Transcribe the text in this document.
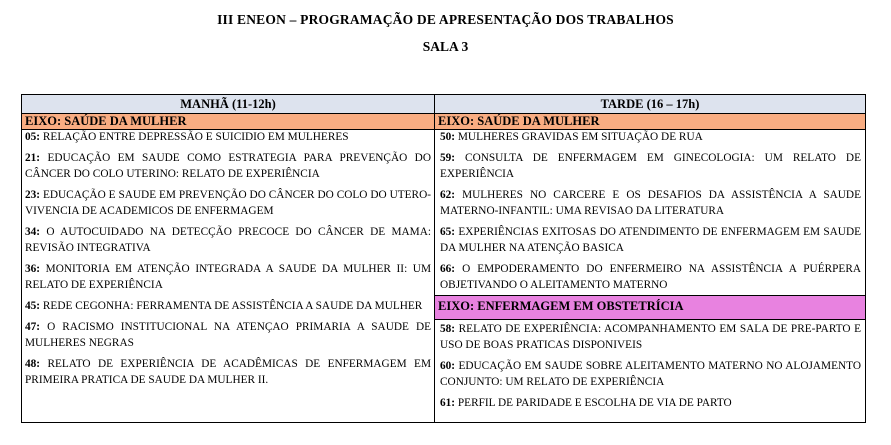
III ENEON – PROGRAMAÇÃO DE APRESENTAÇÃO DOS TRABALHOS
SALA 3
MANHÃ (11-12h)	TARDE (16 – 17h)
EIXO: SAÚDE DA MULHER	EIXO: SAÚDE DA MULHER
05: RELAÇÃO ENTRE DEPRESSÃO E SUICIDIO EM MULHERES
21: EDUCAÇÃO EM SAUDE COMO ESTRATEGIA PARA PREVENÇÃO DO CÂNCER DO COLO UTERINO: RELATO DE EXPERIÊNCIA
23: EDUCAÇÃO E SAUDE EM PREVENÇÃO DO CÂNCER DO COLO DO UTERO- VIVENCIA DE ACADEMICOS DE ENFERMAGEM
34: O AUTOCUIDADO NA DETECÇÃO PRECOCE DO CÂNCER DE MAMA: REVISÃO INTEGRATIVA
36: MONITORIA EM ATENÇÃO INTEGRADA A SAUDE DA MULHER II: UM RELATO DE EXPERIÊNCIA
45: REDE CEGONHA: FERRAMENTA DE ASSISTÊNCIA A SAUDE DA MULHER
47: O RACISMO INSTITUCIONAL NA ATENÇAO PRIMARIA A SAUDE DE MULHERES NEGRAS
48: RELATO DE EXPERIÊNCIA DE ACADÊMICAS DE ENFERMAGEM EM PRIMEIRA PRATICA DE SAUDE DA MULHER II.
50: MULHERES GRAVIDAS EM SITUAÇÃO DE RUA
59: CONSULTA DE ENFERMAGEM EM GINECOLOGIA: UM RELATO DE EXPERIÊNCIA
62: MULHERES NO CARCERE E OS DESAFIOS DA ASSISTÊNCIA A SAUDE MATERNO-INFANTIL: UMA REVISAO DA LITERATURA
65: EXPERIÊNCIAS EXITOSAS DO ATENDIMENTO DE ENFERMAGEM EM SAUDE DA MULHER NA ATENÇÃO BASICA
66: O EMPODERAMENTO DO ENFERMEIRO NA ASSISTÊNCIA A PUÉRPERA OBJETIVANDO O ALEITAMENTO MATERNO
EIXO: ENFERMAGEM EM OBSTETRÍCIA
58: RELATO DE EXPERIÊNCIA: ACOMPANHAMENTO EM SALA DE PRE-PARTO E USO DE BOAS PRATICAS DISPONIVEIS
60: EDUCAÇÃO EM SAUDE SOBRE ALEITAMENTO MATERNO NO ALOJAMENTO CONJUNTO: UM RELATO DE EXPERIÊNCIA
61: PERFIL DE PARIDADE E ESCOLHA DE VIA DE PARTO
